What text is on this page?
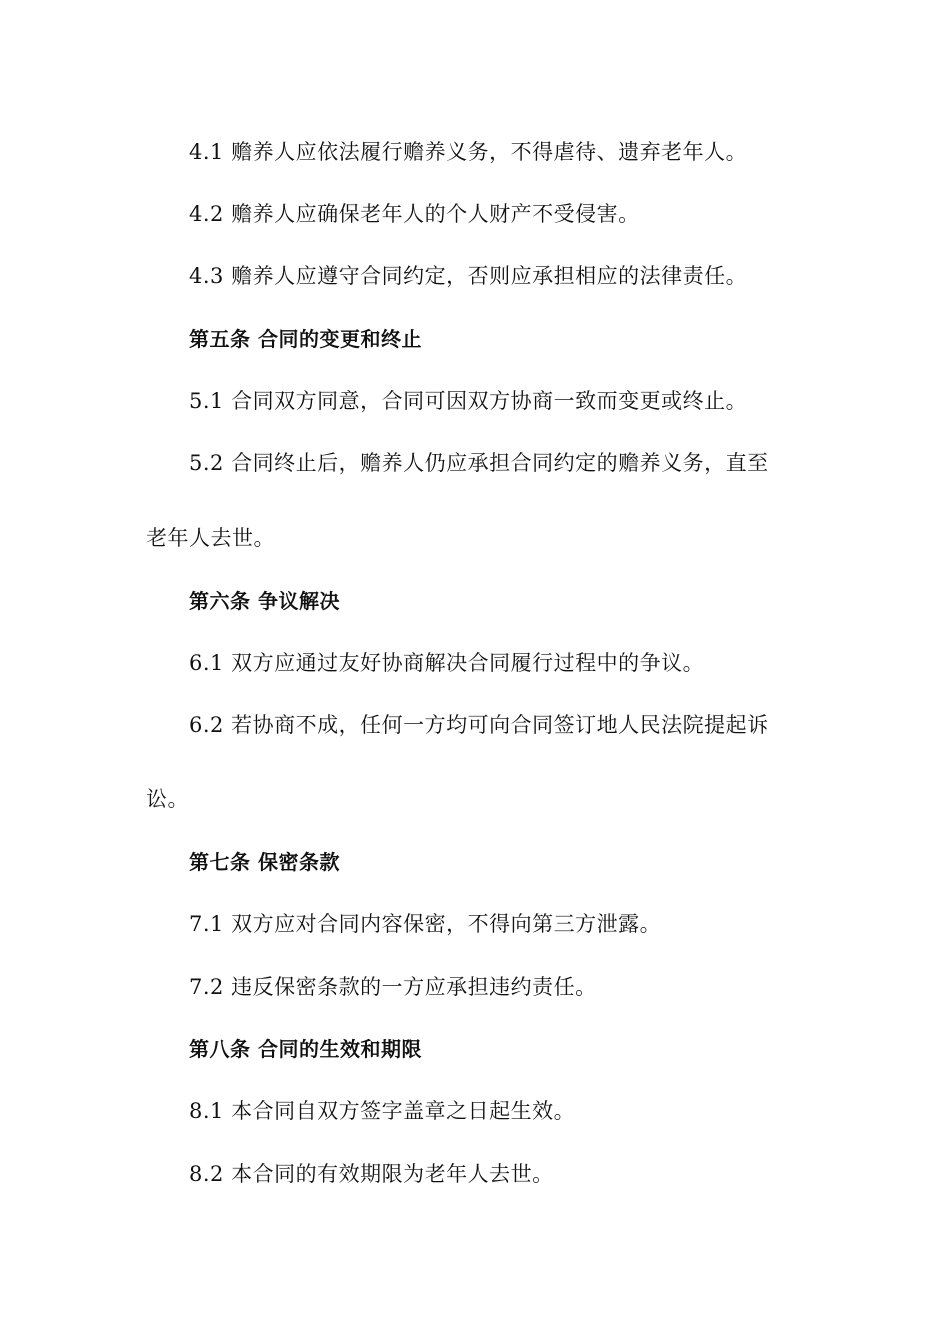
4.1 赡养人应依法履行赡养义务，不得虐待、遗弃老年人。
4.2 赡养人应确保老年人的个人财产不受侵害。
4.3 赡养人应遵守合同约定，否则应承担相应的法律责任。
第五条 合同的变更和终止
5.1 合同双方同意，合同可因双方协商一致而变更或终止。
5.2 合同终止后，赡养人仍应承担合同约定的赡养义务，直至
老年人去世。
第六条 争议解决
6.1 双方应通过友好协商解决合同履行过程中的争议。
6.2 若协商不成，任何一方均可向合同签订地人民法院提起诉
讼。
第七条 保密条款
7.1 双方应对合同内容保密，不得向第三方泄露。
7.2 违反保密条款的一方应承担违约责任。
第八条 合同的生效和期限
8.1 本合同自双方签字盖章之日起生效。
8.2 本合同的有效期限为老年人去世。
